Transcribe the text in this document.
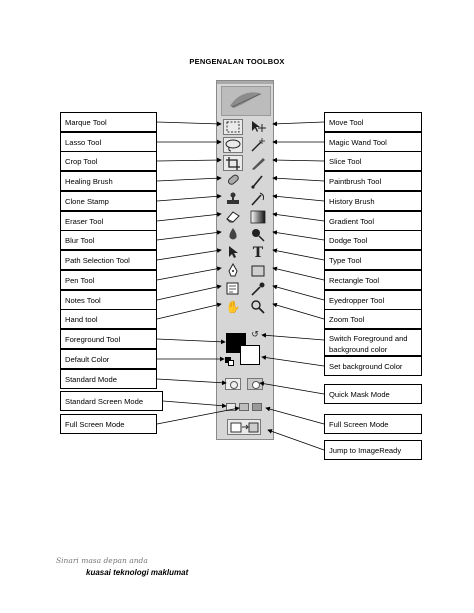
PENGENALAN TOOLBOX
Marque Tool
Lasso Tool
Crop Tool
Healing Brush
Clone Stamp
Eraser Tool
Blur Tool
Path Selection Tool
Pen Tool
Notes Tool
Hand tool
Foreground Tool
Default Color
Standard Mode
Standard Screen Mode
Full Screen Mode
Move Tool
Magic Wand Tool
Slice Tool
Paintbrush Tool
History Brush
Gradient Tool
Dodge Tool
Type Tool
Rectangle Tool
Eyedropper Tool
Zoom Tool
Switch Foreground and background color
Set background Color
Quick Mask Mode
Full Screen Mode
Jump to ImageReady
T
✋
↺
Sinari masa depan anda
kuasai teknologi maklumat
